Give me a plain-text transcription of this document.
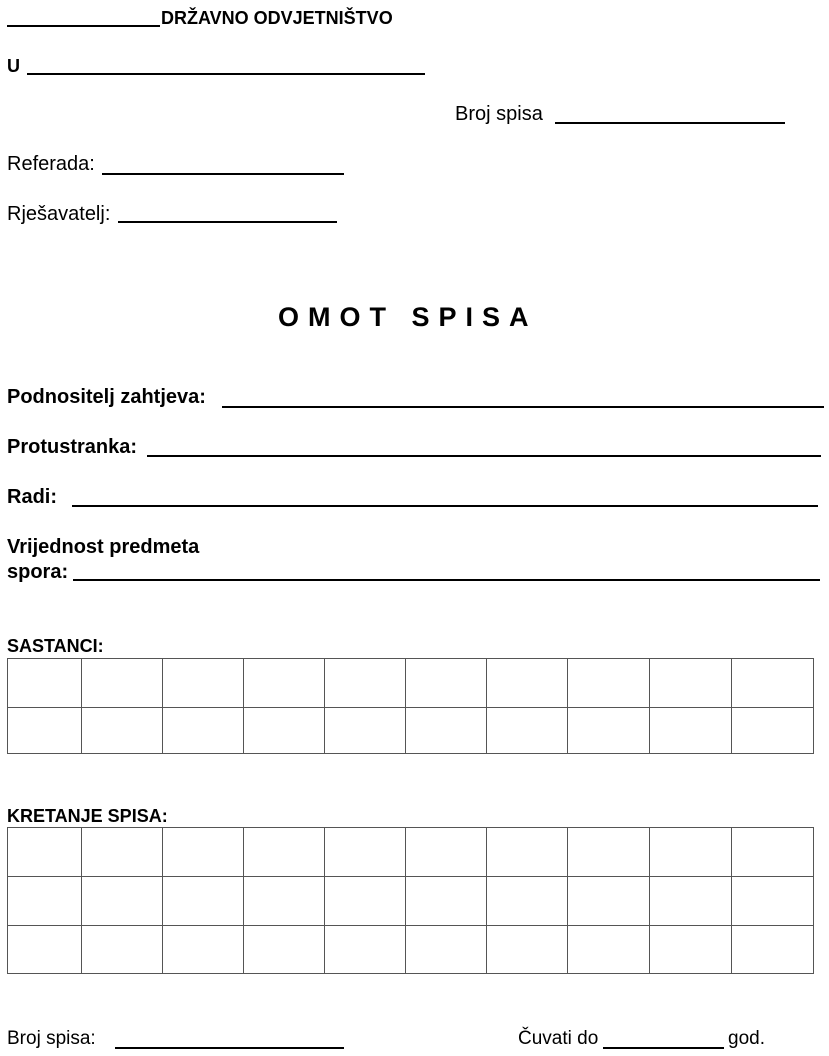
DRŽAVNO ODVJETNIŠTVO
U
Broj spisa
Referada:
Rješavatelj:
OMOT SPISA
Podnositelj zahtjeva:
Protustranka:
Radi:
Vrijednost predmeta
spora:
SASTANCI:

KRETANJE SPISA:

Broj spisa:	Čuvati do	god.
